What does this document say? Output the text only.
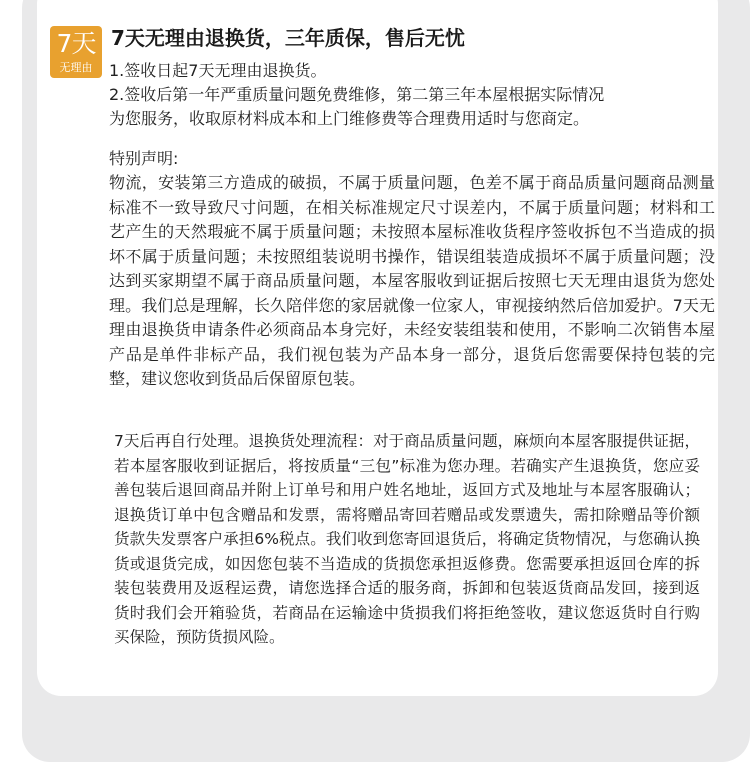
7天
无理由
7天无理由退换货，三年质保，售后无忧
1.签收日起7天无理由退换货。
2.签收后第一年严重质量问题免费维修，第二第三年本屋根据实际情况
为您服务，收取原材料成本和上门维修费等合理费用适时与您商定。
特别声明:
物流，安装第三方造成的破损，不属于质量问题，色差不属于商品质量问题商品测量标准不一致导致尺寸问题，在相关标准规定尺寸误差内，不属于质量问题；材料和工艺产生的天然瑕疵不属于质量问题；未按照本屋标准收货程序签收拆包不当造成的损坏不属于质量问题；未按照组装说明书操作，错误组装造成损坏不属于质量问题；没达到买家期望不属于商品质量问题，本屋客服收到证据后按照七天无理由退货为您处理。我们总是理解，长久陪伴您的家居就像一位家人，审视接纳然后倍加爱护。7天无理由退换货申请条件必须商品本身完好，未经安装组装和使用，不影响二次销售本屋产品是单件非标产品，我们视包装为产品本身一部分，退货后您需要保持包装的完整，建议您收到货品后保留原包装。
7天后再自行处理。退换货处理流程：对于商品质量问题，麻烦向本屋客服提供证据，若本屋客服收到证据后，将按质量“三包”标准为您办理。若确实产生退换货，您应妥善包装后退回商品并附上订单号和用户姓名地址，返回方式及地址与本屋客服确认；退换货订单中包含赠品和发票，需将赠品寄回若赠品或发票遗失，需扣除赠品等价额货款失发票客户承担6%税点。我们收到您寄回退货后，将确定货物情况，与您确认换货或退货完成，如因您包装不当造成的货损您承担返修费。您需要承担返回仓库的拆装包装费用及返程运费，请您选择合适的服务商，拆卸和包装返货商品发回，接到返货时我们会开箱验货，若商品在运输途中货损我们将拒绝签收，建议您返货时自行购买保险，预防货损风险。
